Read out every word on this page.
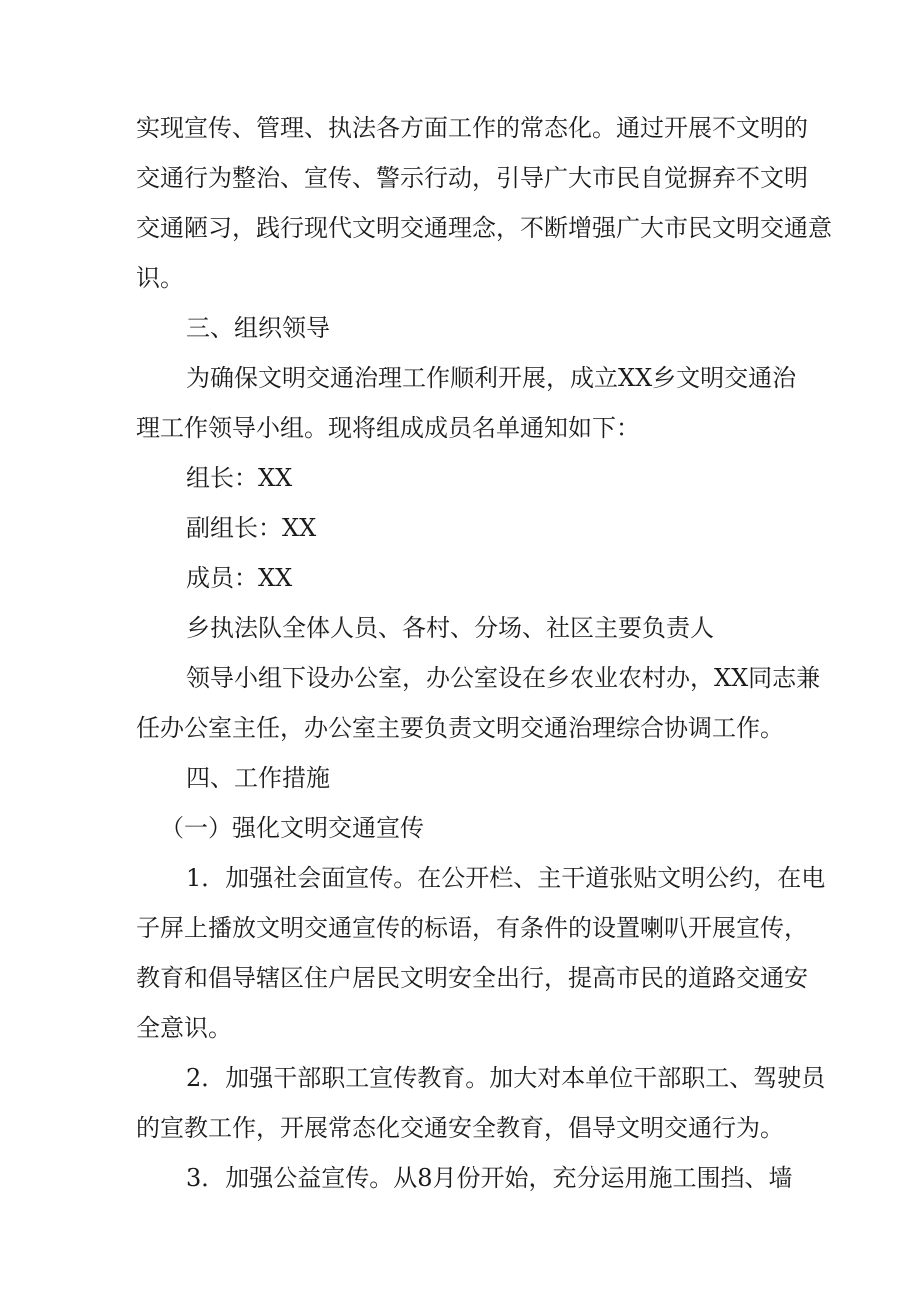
实现宣传、管理、执法各方面工作的常态化。通过开展不文明的
交通行为整治、宣传、警示行动，引导广大市民自觉摒弃不文明
交通陋习，践行现代文明交通理念，不断增强广大市民文明交通意
识。
三、组织领导
为确保文明交通治理工作顺利开展，成立XX乡文明交通治
理工作领导小组。现将组成成员名单通知如下：
组长：XX
副组长：XX
成员：XX
乡执法队全体人员、各村、分场、社区主要负责人
领导小组下设办公室，办公室设在乡农业农村办，XX同志兼
任办公室主任，办公室主要负责文明交通治理综合协调工作。
四、工作措施
（一）强化文明交通宣传
1．加强社会面宣传。在公开栏、主干道张贴文明公约，在电
子屏上播放文明交通宣传的标语，有条件的设置喇叭开展宣传，
教育和倡导辖区住户居民文明安全出行，提高市民的道路交通安
全意识。
2．加强干部职工宣传教育。加大对本单位干部职工、驾驶员
的宣教工作，开展常态化交通安全教育，倡导文明交通行为。
3．加强公益宣传。从8月份开始，充分运用施工围挡、墙
